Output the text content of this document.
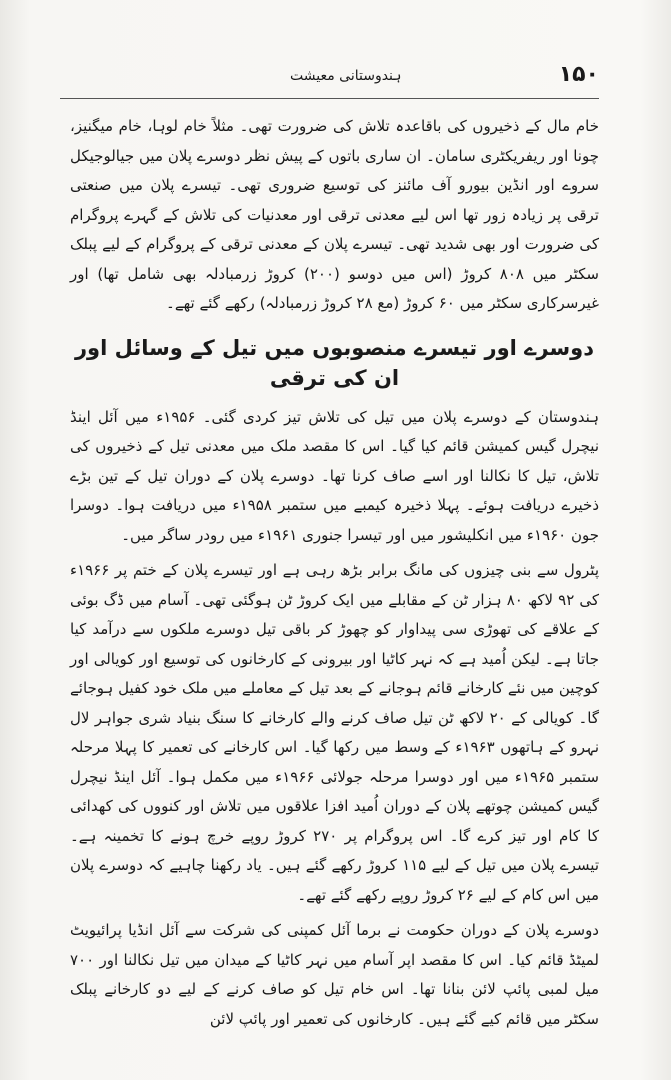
ہندوستانی معیشت	۱۵۰

خام مال کے ذخیروں کی باقاعدہ تلاش کی ضرورت تھی۔ مثلاً خام لوہا، خام میگنیز، چونا اور ریفریکٹری سامان۔ ان ساری باتوں کے پیش نظر دوسرے پلان میں جیالوجیکل سروے اور انڈین بیورو آف مائنز کی توسیع ضروری تھی۔ تیسرے پلان میں صنعتی ترقی پر زیادہ زور تھا اس لیے معدنی ترقی اور معدنیات کی تلاش کے گہرے پروگرام کی ضرورت اور بھی شدید تھی۔ تیسرے پلان کے معدنی ترقی کے پروگرام کے لیے پبلک سکٹر میں ۸۰۸ کروڑ (اس میں دوسو (۲۰۰) کروڑ زرمبادلہ بھی شامل تھا) اور غیرسرکاری سکٹر میں ۶۰ کروڑ (مع ۲۸ کروڑ زرمبادلہ) رکھے گئے تھے۔

دوسرے اور تیسرے منصوبوں میں تیل کے وسائل اور ان کی ترقی

ہندوستان کے دوسرے پلان میں تیل کی تلاش تیز کردی گئی۔ ۱۹۵۶ء میں آئل اینڈ نیچرل گیس کمیشن قائم کیا گیا۔ اس کا مقصد ملک میں معدنی تیل کے ذخیروں کی تلاش، تیل کا نکالنا اور اسے صاف کرنا تھا۔ دوسرے پلان کے دوران تیل کے تین بڑے ذخیرے دریافت ہوئے۔ پہلا ذخیرہ کیمبے میں ستمبر ۱۹۵۸ء میں دریافت ہوا۔ دوسرا جون ۱۹۶۰ء میں انکلیشور میں اور تیسرا جنوری ۱۹۶۱ء میں رودر ساگر میں۔

پٹرول سے بنی چیزوں کی مانگ برابر بڑھ رہی ہے اور تیسرے پلان کے ختم پر ۱۹۶۶ء کی ۹۲ لاکھ ۸۰ ہزار ٹن کے مقابلے میں ایک کروڑ ٹن ہوگئی تھی۔ آسام میں ڈگ بوئی کے علاقے کی تھوڑی سی پیداوار کو چھوڑ کر باقی تیل دوسرے ملکوں سے درآمد کیا جاتا ہے۔ لیکن اُمید ہے کہ نہر کاٹیا اور بیرونی کے کارخانوں کی توسیع اور کویالی اور کوچین میں نئے کارخانے قائم ہوجانے کے بعد تیل کے معاملے میں ملک خود کفیل ہوجائے گا۔ کویالی کے ۲۰ لاکھ ٹن تیل صاف کرنے والے کارخانے کا سنگ بنیاد شری جواہر لال نہرو کے ہاتھوں ۱۹۶۳ء کے وسط میں رکھا گیا۔ اس کارخانے کی تعمیر کا پہلا مرحلہ ستمبر ۱۹۶۵ء میں اور دوسرا مرحلہ جولائی ۱۹۶۶ء میں مکمل ہوا۔ آئل اینڈ نیچرل گیس کمیشن چوتھے پلان کے دوران اُمید افزا علاقوں میں تلاش اور کنووں کی کھدائی کا کام اور تیز کرے گا۔ اس پروگرام پر ۲۷۰ کروڑ روپے خرچ ہونے کا تخمینہ ہے۔ تیسرے پلان میں تیل کے لیے ۱۱۵ کروڑ رکھے گئے ہیں۔ یاد رکھنا چاہیے کہ دوسرے پلان میں اس کام کے لیے ۲۶ کروڑ روپے رکھے گئے تھے۔

دوسرے پلان کے دوران حکومت نے برما آئل کمپنی کی شرکت سے آئل انڈیا پرائیویٹ لمیٹڈ قائم کیا۔ اس کا مقصد اپر آسام میں نہر کاٹیا کے میدان میں تیل نکالنا اور ۷۰۰ میل لمبی پائپ لائن بنانا تھا۔ اس خام تیل کو صاف کرنے کے لیے دو کارخانے پبلک سکٹر میں قائم کیے گئے ہیں۔ کارخانوں کی تعمیر اور پائپ لائن
